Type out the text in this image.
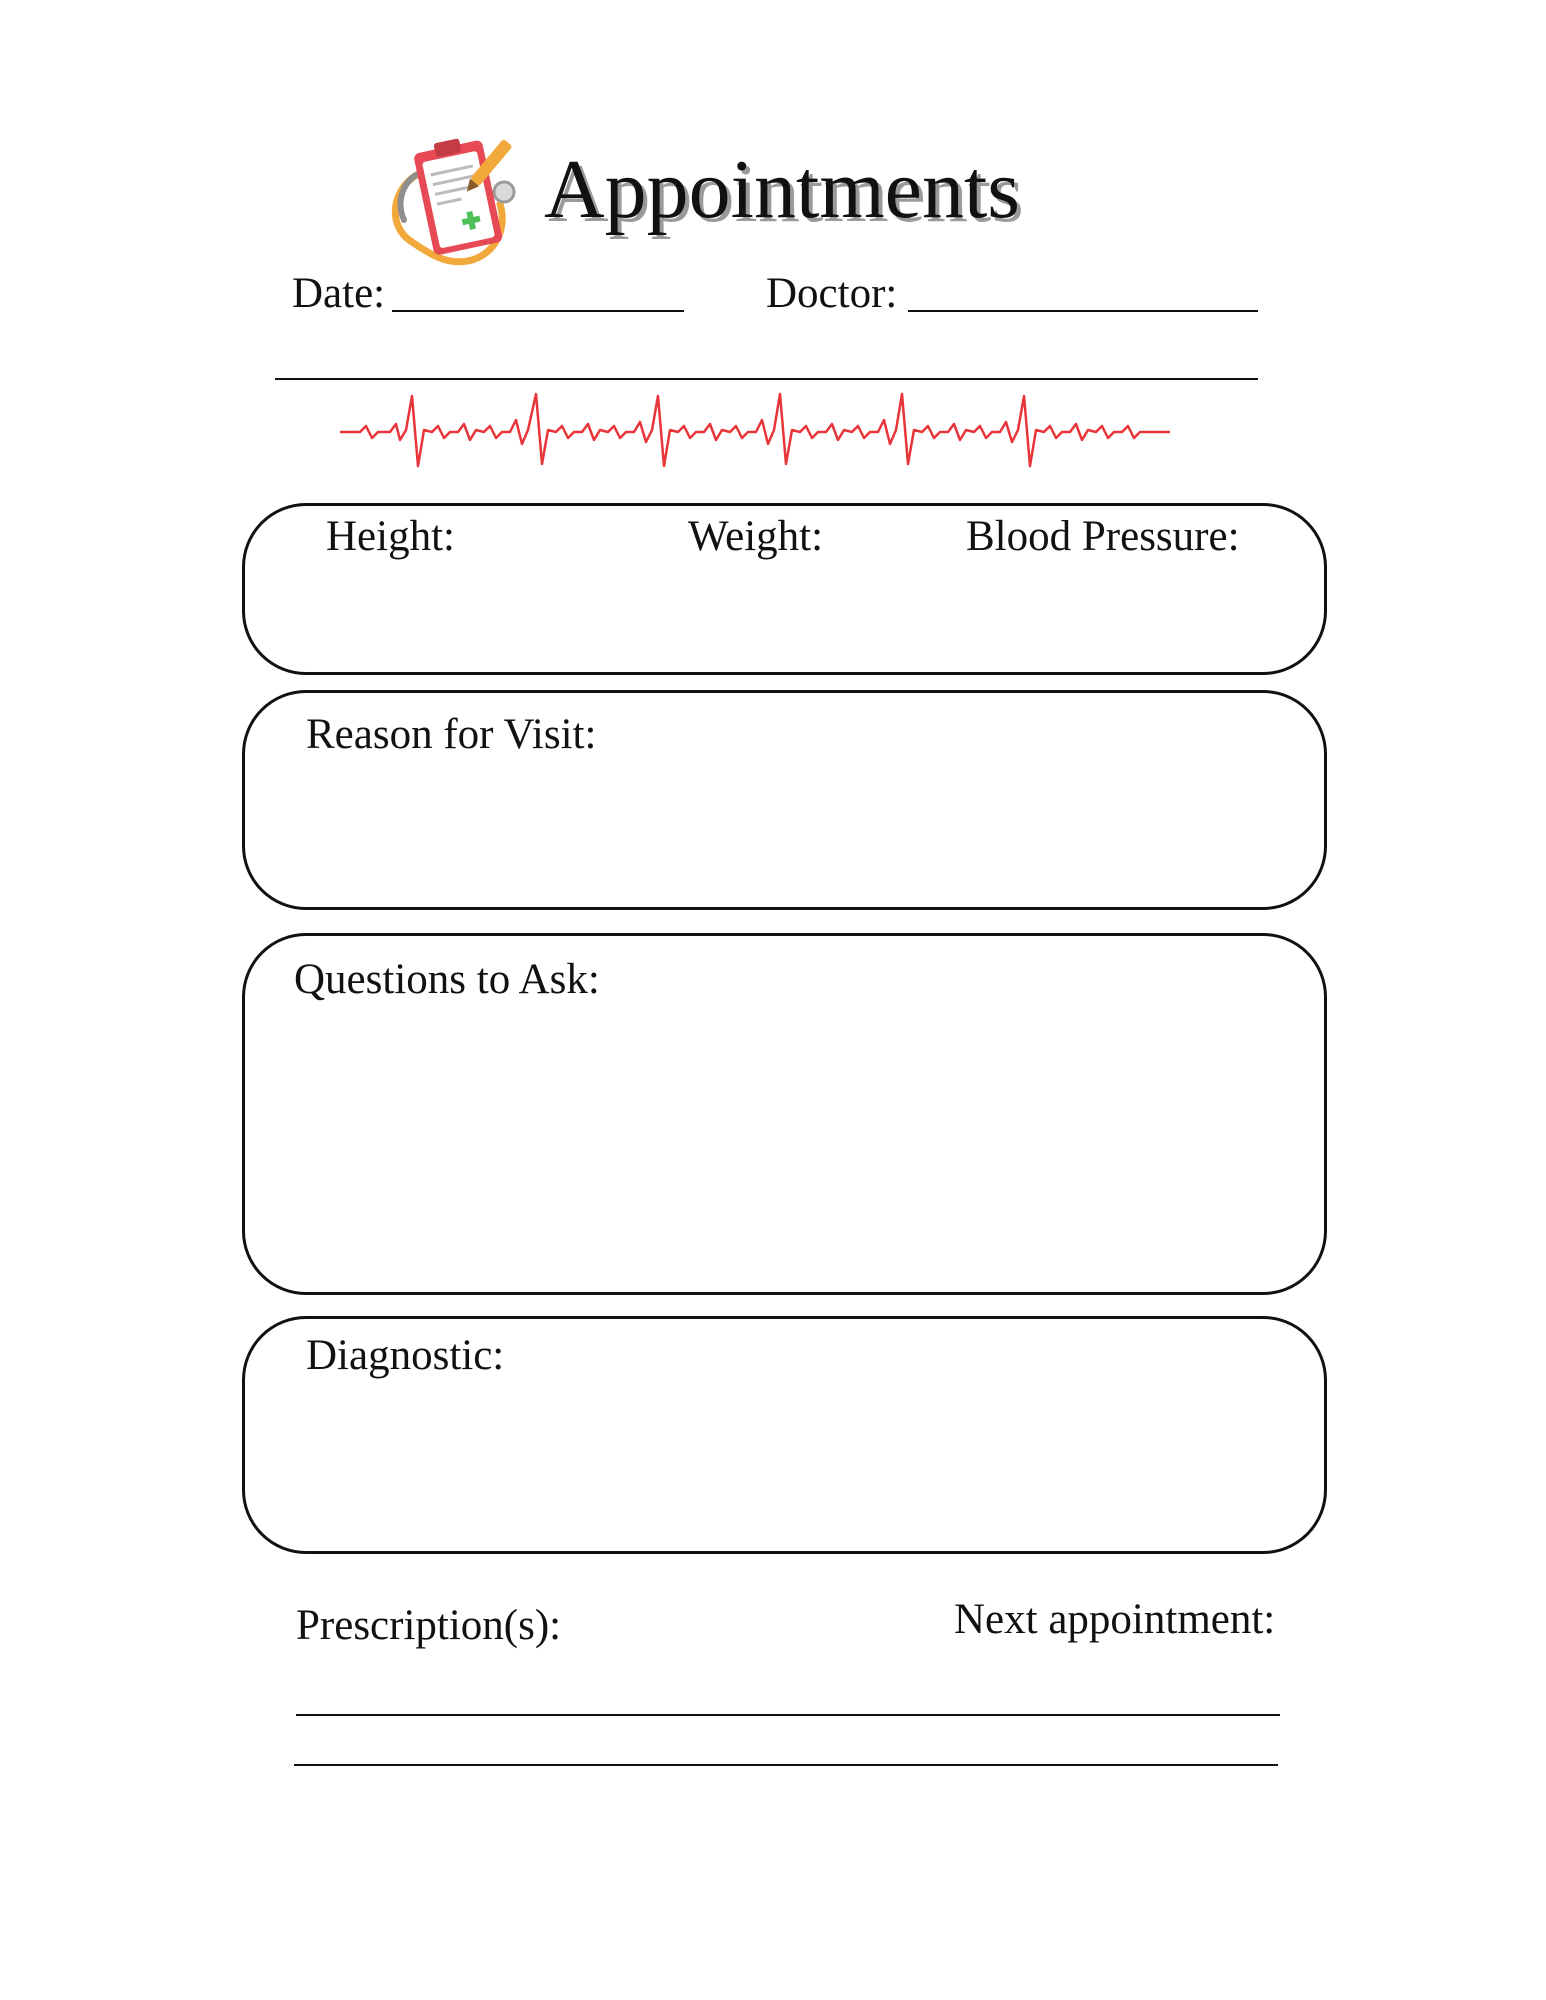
Appointments
Date:	Doctor:
Height:	Weight:	Blood Pressure:
Reason for Visit:
Questions to Ask:
Diagnostic:
Prescription(s):	Next appointment:
